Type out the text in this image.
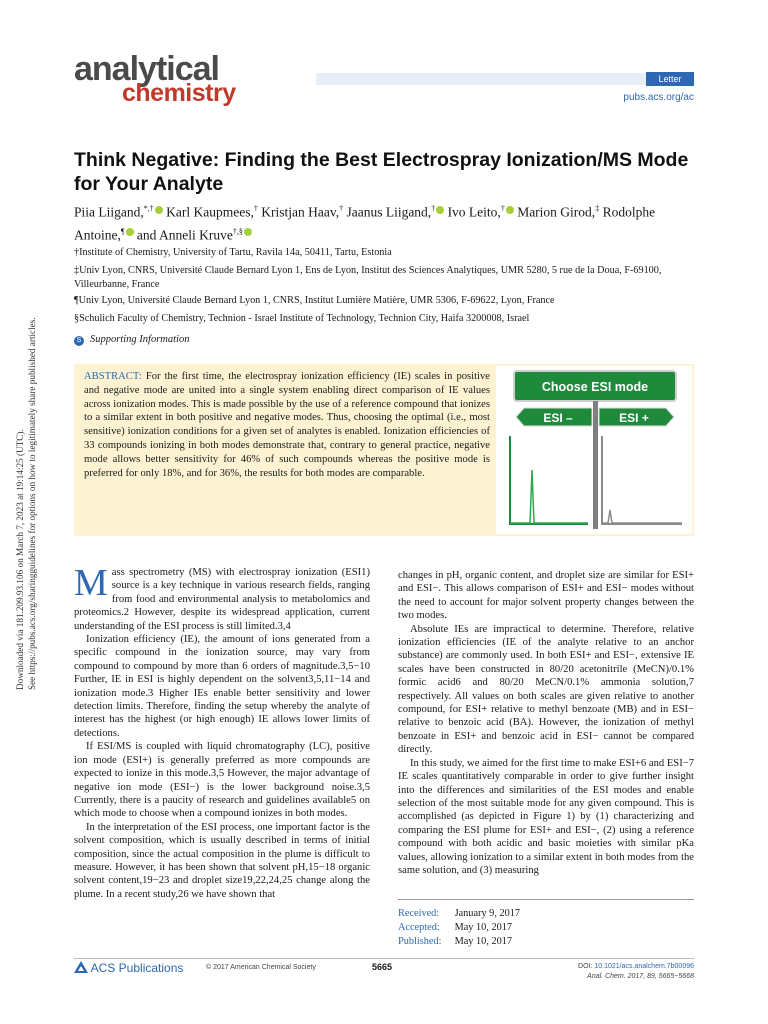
analytical
chemistry	Letter
pubs.acs.org/ac
Think Negative: Finding the Best Electrospray Ionization/MS Mode for Your Analyte
Piia Liigand,*,† Karl Kaupmees,† Kristjan Haav,† Jaanus Liigand,† Ivo Leito,† Marion Girod,‡ Rodolphe Antoine,¶ and Anneli Kruve†,§
†Institute of Chemistry, University of Tartu, Ravila 14a, 50411, Tartu, Estonia
‡Univ Lyon, CNRS, Université Claude Bernard Lyon 1, Ens de Lyon, Institut des Sciences Analytiques, UMR 5280, 5 rue de la Doua, F-69100, Villeurbanne, France
¶Univ Lyon, Université Claude Bernard Lyon 1, CNRS, Institut Lumière Matière, UMR 5306, F-69622, Lyon, France
§Schulich Faculty of Chemistry, Technion - Israel Institute of Technology, Technion City, Haifa 3200008, Israel
S Supporting Information
ABSTRACT: For the first time, the electrospray ionization efficiency (IE) scales in positive and negative mode are united into a single system enabling direct comparison of IE values across ionization modes. This is made possible by the use of a reference compound that ionizes to a similar extent in both positive and negative modes. Thus, choosing the optimal (i.e., most sensitive) ionization conditions for a given set of analytes is enabled. Ionization efficiencies of 33 compounds ionizing in both modes demonstrate that, contrary to general practice, negative mode allows better sensitivity for 46% of such compounds whereas the positive mode is preferred for only 18%, and for 36%, the results for both modes are comparable.
Choose ESI mode
ESI –	ESI +

Mass spectrometry (MS) with electrospray ionization (ESI1) source is a key technique in various research fields, ranging from food and environmental analysis to metabolomics and proteomics.2 However, despite its widespread application, current understanding of the ESI process is still limited.3,4

Ionization efficiency (IE), the amount of ions generated from a specific compound in the ionization source, may vary from compound to compound by more than 6 orders of magnitude.3,5−10 Further, IE in ESI is highly dependent on the solvent3,5,11−14 and ionization mode.3 Higher IEs enable better sensitivity and lower detection limits. Therefore, finding the setup whereby the analyte of interest has the highest (or high enough) IE allows lower limits of detections.

If ESI/MS is coupled with liquid chromatography (LC), positive ion mode (ESI+) is generally preferred as more compounds are expected to ionize in this mode.3,5 However, the major advantage of negative ion mode (ESI−) is the lower background noise.3,5 Currently, there is a paucity of research and guidelines available5 on which mode to choose when a compound ionizes in both modes.

In the interpretation of the ESI process, one important factor is the solvent composition, which is usually described in terms of initial composition, since the actual composition in the plume is difficult to measure. However, it has been shown that solvent pH,15−18 organic solvent content,19−23 and droplet size19,22,24,25 change along the plume. In a recent study,26 we have shown that

changes in pH, organic content, and droplet size are similar for ESI+ and ESI−. This allows comparison of ESI+ and ESI− modes without the need to account for major solvent property changes between the two modes.

Absolute IEs are impractical to determine. Therefore, relative ionization efficiencies (IE of the analyte relative to an anchor substance) are commonly used. In both ESI+ and ESI−, extensive IE scales have been constructed in 80/20 acetonitrile (MeCN)/0.1% formic acid6 and 80/20 MeCN/0.1% ammonia solution,7 respectively. All values on both scales are given relative to another compound, for ESI+ relative to methyl benzoate (MB) and in ESI− relative to benzoic acid (BA). However, the ionization of methyl benzoate in ESI+ and benzoic acid in ESI− cannot be compared directly.

In this study, we aimed for the first time to make ESI+6 and ESI−7 IE scales quantitatively comparable in order to give further insight into the differences and similarities of the ESI modes and enable selection of the most suitable mode for any given compound. This is accomplished (as depicted in Figure 1) by (1) characterizing and comparing the ESI plume for ESI+ and ESI−, (2) using a reference compound with both acidic and basic moieties with similar pKa values, allowing ionization to a similar extent in both modes from the same solution, and (3) measuring

Received: January 9, 2017
Accepted: May 10, 2017
Published: May 10, 2017
Downloaded via 181.209.93.106 on March 7, 2023 at 19:14:25 (UTC). See https://pubs.acs.org/sharingguidelines for options on how to legitimately share published articles.
ACS Publications	© 2017 American Chemical Society	5665	DOI: 10.1021/acs.analchem.7b00096
Anal. Chem. 2017, 89, 5665−5668
